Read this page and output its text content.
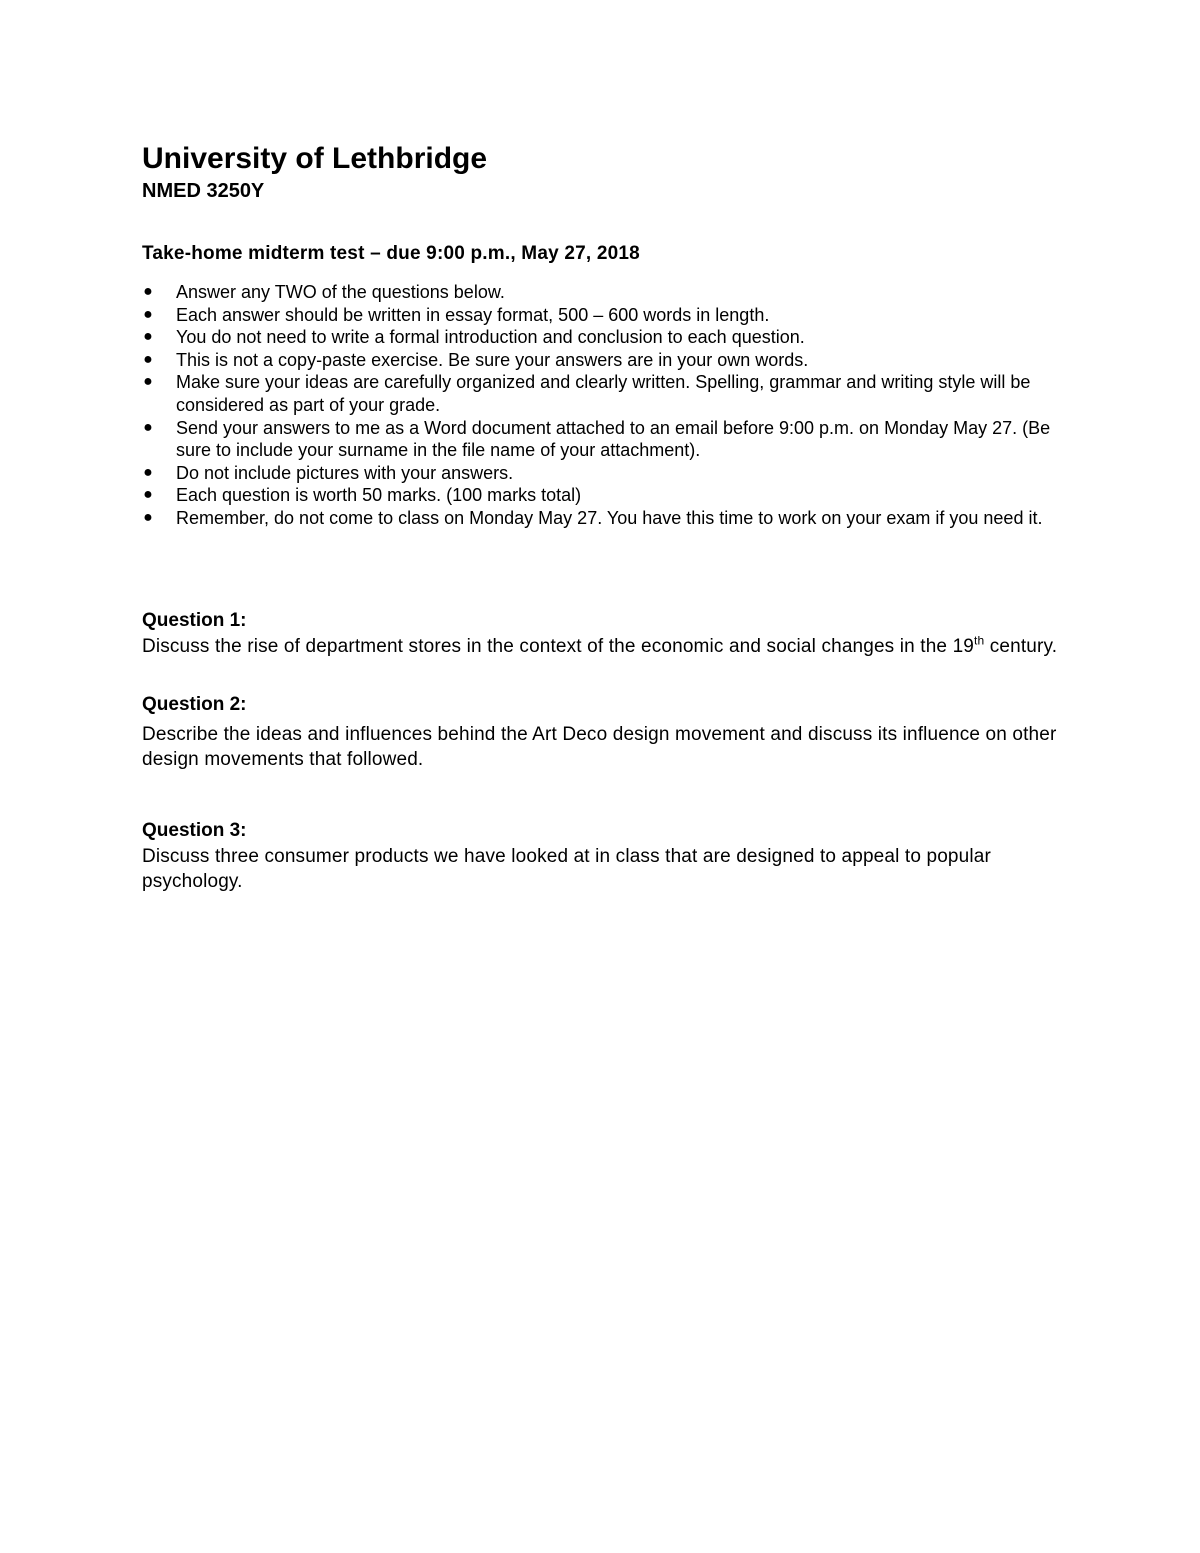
University of Lethbridge
NMED 3250Y
Take-home midterm test – due 9:00 p.m., May 27, 2018
● Answer any TWO of the questions below.
● Each answer should be written in essay format, 500 – 600 words in length.
● You do not need to write a formal introduction and conclusion to each question.
● This is not a copy-paste exercise. Be sure your answers are in your own words.
● Make sure your ideas are carefully organized and clearly written. Spelling, grammar and writing style will be considered as part of your grade.
● Send your answers to me as a Word document attached to an email before 9:00 p.m. on Monday May 27. (Be sure to include your surname in the file name of your attachment).
● Do not include pictures with your answers.
● Each question is worth 50 marks. (100 marks total)
● Remember, do not come to class on Monday May 27. You have this time to work on your exam if you need it.
Question 1:
Discuss the rise of department stores in the context of the economic and social changes in the 19th century.
Question 2:
Describe the ideas and influences behind the Art Deco design movement and discuss its influence on other design movements that followed.
Question 3:
Discuss three consumer products we have looked at in class that are designed to appeal to popular psychology.
